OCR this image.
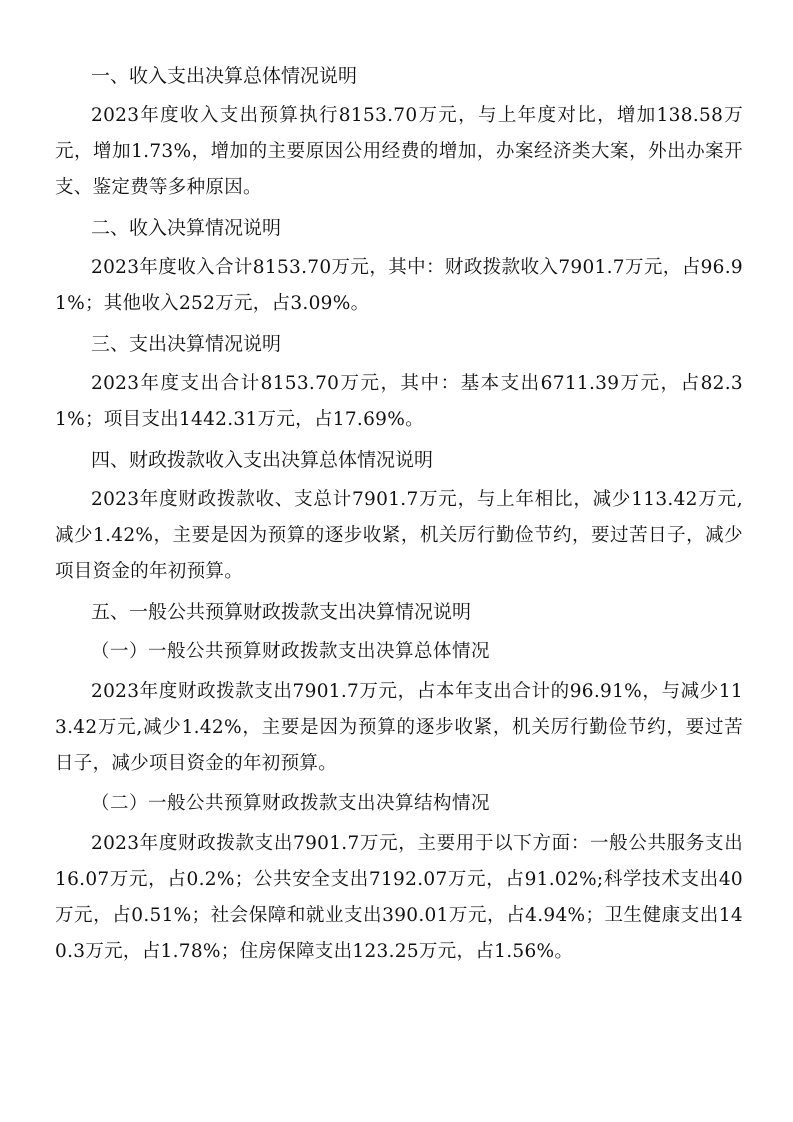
一、收入支出决算总体情况说明

2023年度收入支出预算执行8153.70万元，与上年度对比，增加138.58万元，增加1.73%，增加的主要原因公用经费的增加，办案经济类大案，外出办案开支、鉴定费等多种原因。

二、收入决算情况说明

2023年度收入合计8153.70万元，其中：财政拨款收入7901.7万元，占96.91%；其他收入252万元，占3.09%。

三、支出决算情况说明

2023年度支出合计8153.70万元，其中：基本支出6711.39万元，占82.31%；项目支出1442.31万元，占17.69%。

四、财政拨款收入支出决算总体情况说明

2023年度财政拨款收、支总计7901.7万元，与上年相比，减少113.42万元,减少1.42%，主要是因为预算的逐步收紧，机关厉行勤俭节约，要过苦日子，减少项目资金的年初预算。

五、一般公共预算财政拨款支出决算情况说明
（一）一般公共预算财政拨款支出决算总体情况

2023年度财政拨款支出7901.7万元，占本年支出合计的96.91%，与减少113.42万元,减少1.42%，主要是因为预算的逐步收紧，机关厉行勤俭节约，要过苦日子，减少项目资金的年初预算。

（二）一般公共预算财政拨款支出决算结构情况

2023年度财政拨款支出7901.7万元，主要用于以下方面：一般公共服务支出16.07万元，占0.2%；公共安全支出7192.07万元，占91.02%;科学技术支出40万元，占0.51%；社会保障和就业支出390.01万元，占4.94%；卫生健康支出140.3万元，占1.78%；住房保障支出123.25万元，占1.56%。
